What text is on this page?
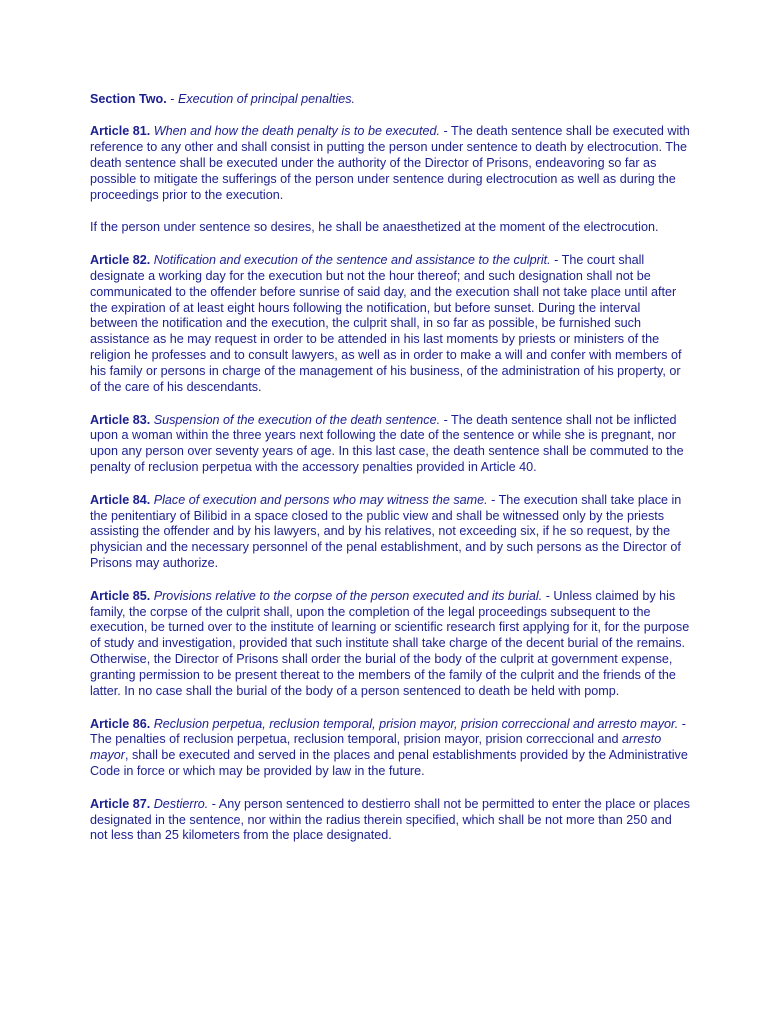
Section Two. - Execution of principal penalties.

Article 81. When and how the death penalty is to be executed. - The death sentence shall be executed with reference to any other and shall consist in putting the person under sentence to death by electrocution. The death sentence shall be executed under the authority of the Director of Prisons, endeavoring so far as possible to mitigate the sufferings of the person under sentence during electrocution as well as during the proceedings prior to the execution.

If the person under sentence so desires, he shall be anaesthetized at the moment of the electrocution.

Article 82. Notification and execution of the sentence and assistance to the culprit. - The court shall designate a working day for the execution but not the hour thereof; and such designation shall not be communicated to the offender before sunrise of said day, and the execution shall not take place until after the expiration of at least eight hours following the notification, but before sunset. During the interval between the notification and the execution, the culprit shall, in so far as possible, be furnished such assistance as he may request in order to be attended in his last moments by priests or ministers of the religion he professes and to consult lawyers, as well as in order to make a will and confer with members of his family or persons in charge of the management of his business, of the administration of his property, or of the care of his descendants.

Article 83. Suspension of the execution of the death sentence. - The death sentence shall not be inflicted upon a woman within the three years next following the date of the sentence or while she is pregnant, nor upon any person over seventy years of age. In this last case, the death sentence shall be commuted to the penalty of reclusion perpetua with the accessory penalties provided in Article 40.

Article 84. Place of execution and persons who may witness the same. - The execution shall take place in the penitentiary of Bilibid in a space closed to the public view and shall be witnessed only by the priests assisting the offender and by his lawyers, and by his relatives, not exceeding six, if he so request, by the physician and the necessary personnel of the penal establishment, and by such persons as the Director of Prisons may authorize.

Article 85. Provisions relative to the corpse of the person executed and its burial. - Unless claimed by his family, the corpse of the culprit shall, upon the completion of the legal proceedings subsequent to the execution, be turned over to the institute of learning or scientific research first applying for it, for the purpose of study and investigation, provided that such institute shall take charge of the decent burial of the remains. Otherwise, the Director of Prisons shall order the burial of the body of the culprit at government expense, granting permission to be present thereat to the members of the family of the culprit and the friends of the latter. In no case shall the burial of the body of a person sentenced to death be held with pomp.

Article 86. Reclusion perpetua, reclusion temporal, prision mayor, prision correccional and arresto mayor. - The penalties of reclusion perpetua, reclusion temporal, prision mayor, prision correccional and arresto mayor, shall be executed and served in the places and penal establishments provided by the Administrative Code in force or which may be provided by law in the future.

Article 87. Destierro. - Any person sentenced to destierro shall not be permitted to enter the place or places designated in the sentence, nor within the radius therein specified, which shall be not more than 250 and not less than 25 kilometers from the place designated.
